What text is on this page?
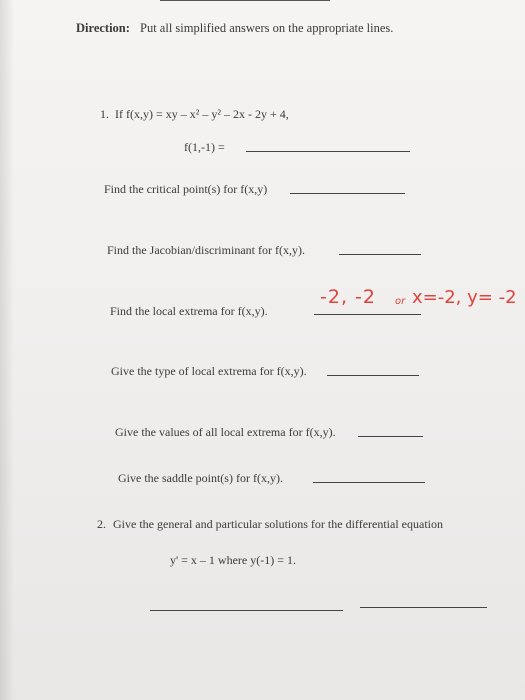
Direction: Put all simplified answers on the appropriate lines.
1. If f(x,y) = xy – x² – y² – 2x - 2y + 4,
f(1,-1) =
Find the critical point(s) for f(x,y)
Find the Jacobian/discriminant for f(x,y).
Find the local extrema for f(x,y).
-2, -2 or x=-2, y= -2
Give the type of local extrema for f(x,y).
Give the values of all local extrema for f(x,y).
Give the saddle point(s) for f(x,y).
2. Give the general and particular solutions for the differential equation
y' = x – 1 where y(-1) = 1.
